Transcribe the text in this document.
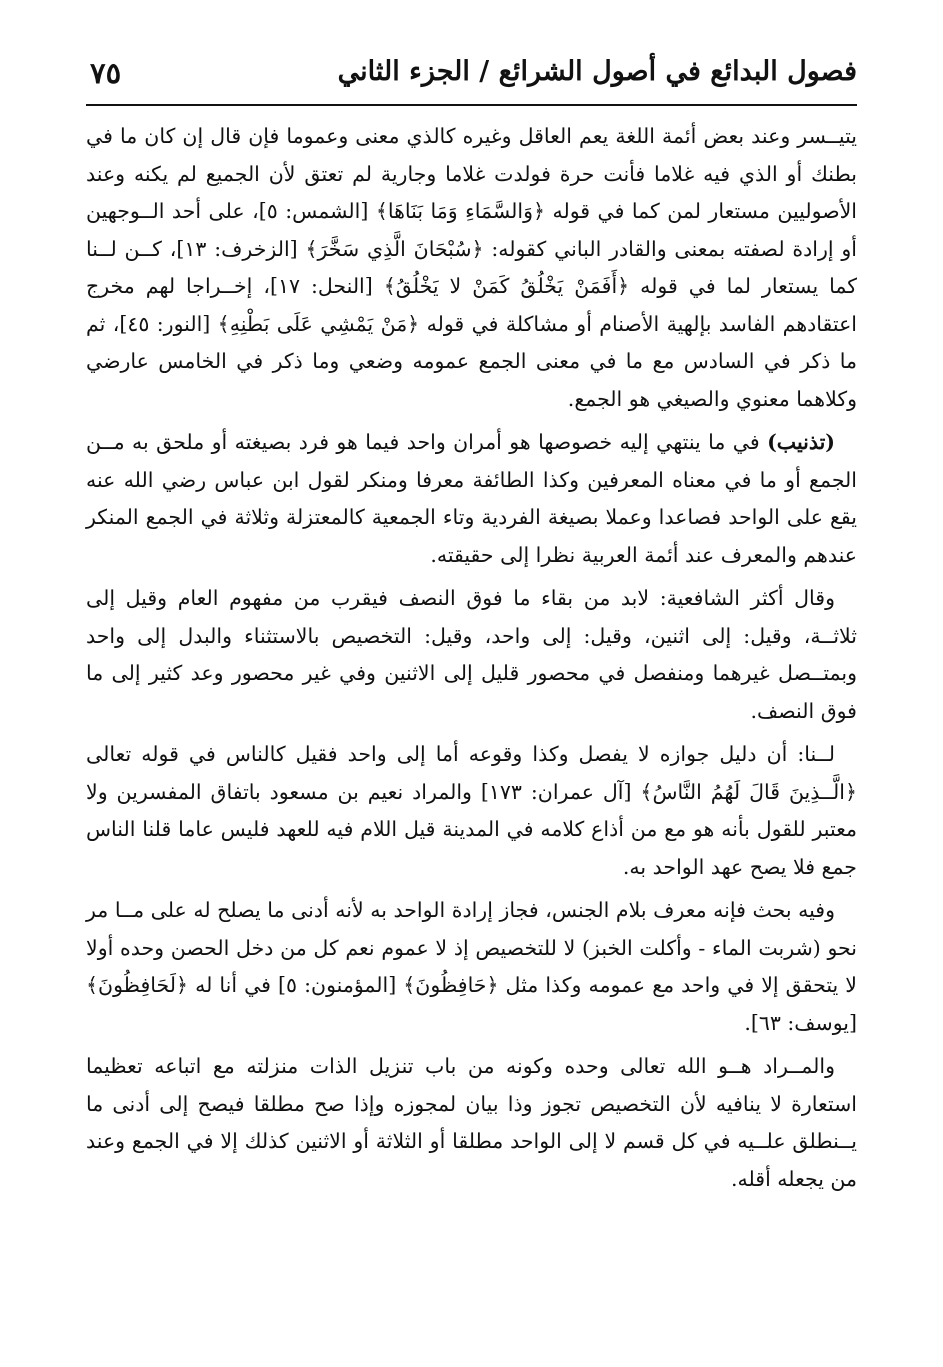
فصول البدائع في أصول الشرائع / الجزء الثاني
٧٥

يتيــسر وعند بعض أئمة اللغة يعم العاقل وغيره كالذي معنى وعموما فإن قال إن كان ما في بطنك أو الذي فيه غلاما فأنت حرة فولدت غلاما وجارية لم تعتق لأن الجميع لم يكنه وعند الأصوليين مستعار لمن كما في قوله ﴿وَالسَّمَاءِ وَمَا بَنَاهَا﴾ [الشمس: ٥]، على أحد الــوجهين أو إرادة لصفته بمعنى والقادر الباني كقوله: ﴿سُبْحَانَ الَّذِي سَخَّرَ﴾ [الزخرف: ١٣]، كــن لــنا كما يستعار لما في قوله ﴿أَفَمَنْ يَخْلُقُ كَمَنْ لا يَخْلُقُ﴾ [النحل: ١٧]، إخــراجا لهم مخرج اعتقادهم الفاسد بإلهية الأصنام أو مشاكلة في قوله ﴿مَنْ يَمْشِي عَلَى بَطْنِهِ﴾ [النور: ٤٥]، ثم ما ذكر في السادس مع ما في معنى الجمع عمومه وضعي وما ذكر في الخامس عارضي وكلاهما معنوي والصيغي هو الجمع.

(تذنيب) في ما ينتهي إليه خصوصها هو أمران واحد فيما هو فرد بصيغته أو ملحق به مــن الجمع أو ما في معناه المعرفين وكذا الطائفة معرفا ومنكر لقول ابن عباس رضي الله عنه يقع على الواحد فصاعدا وعملا بصيغة الفردية وتاء الجمعية كالمعتزلة وثلاثة في الجمع المنكر عندهم والمعرف عند أئمة العربية نظرا إلى حقيقته.

وقال أكثر الشافعية: لابد من بقاء ما فوق النصف فيقرب من مفهوم العام وقيل إلى ثلاثــة، وقيل: إلى اثنين، وقيل: إلى واحد، وقيل: التخصيص بالاستثناء والبدل إلى واحد وبمتــصل غيرهما ومنفصل في محصور قليل إلى الاثنين وفي غير محصور وعد كثير إلى ما فوق النصف.

لــنا: أن دليل جوازه لا يفصل وكذا وقوعه أما إلى واحد فقيل كالناس في قوله تعالى ﴿الَّــذِينَ قَالَ لَهُمُ النَّاسُ﴾ [آل عمران: ١٧٣] والمراد نعيم بن مسعود باتفاق المفسرين ولا معتبر للقول بأنه هو مع من أذاع كلامه في المدينة قيل اللام فيه للعهد فليس عاما قلنا الناس جمع فلا يصح عهد الواحد به.

وفيه بحث فإنه معرف بلام الجنس، فجاز إرادة الواحد به لأنه أدنى ما يصلح له على مــا مر نحو (شربت الماء - وأكلت الخبز) لا للتخصيص إذ لا عموم نعم كل من دخل الحصن وحده أولا لا يتحقق إلا في واحد مع عمومه وكذا مثل ﴿حَافِظُونَ﴾ [المؤمنون: ٥] في أنا له ﴿لَحَافِظُونَ﴾ [يوسف: ٦٣].

والمــراد هــو الله تعالى وحده وكونه من باب تنزيل الذات منزلته مع اتباعه تعظيما استعارة لا ينافيه لأن التخصيص تجوز وذا بيان لمجوزه وإذا صح مطلقا فيصح إلى أدنى ما يــنطلق علــيه في كل قسم لا إلى الواحد مطلقا أو الثلاثة أو الاثنين كذلك إلا في الجمع وعند من يجعله أقله.
